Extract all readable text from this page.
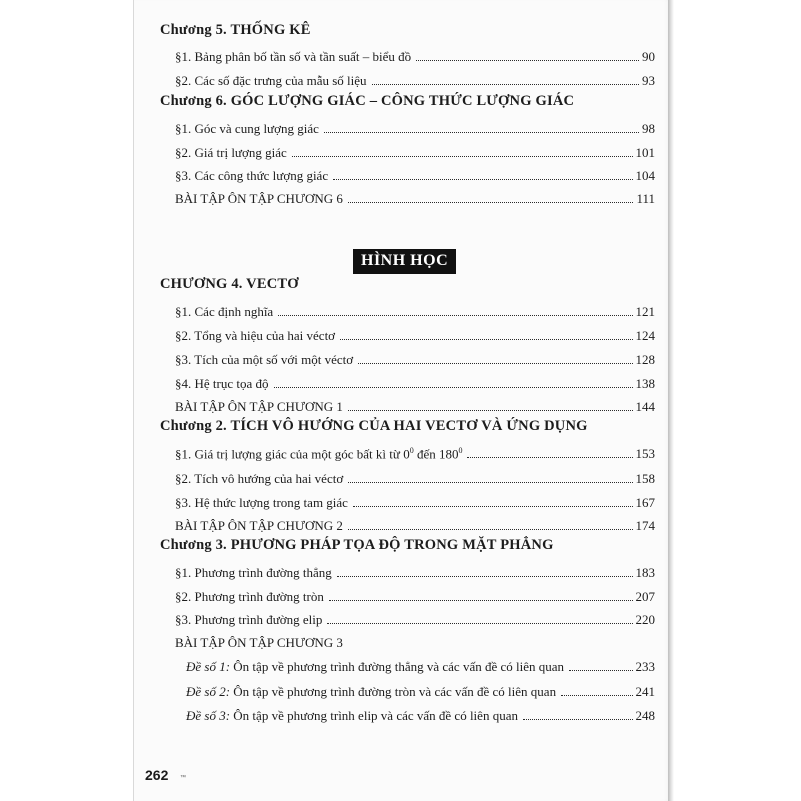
Chương 5. THỐNG KÊ
§1. Bảng phân bố tần số và tần suất – biểu đồ	90
§2. Các số đặc trưng của mẫu số liệu	93
Chương 6. GÓC LƯỢNG GIÁC – CÔNG THỨC LƯỢNG GIÁC
§1. Góc và cung lượng giác	98
§2. Giá trị lượng giác	101
§3. Các công thức lượng giác	104
BÀI TẬP ÔN TẬP CHƯƠNG 6	111
HÌNH HỌC
CHƯƠNG 4. VECTƠ
§1. Các định nghĩa	121
§2. Tổng và hiệu của hai véctơ	124
§3. Tích của một số với một véctơ	128
§4. Hệ trục tọa độ	138
BÀI TẬP ÔN TẬP CHƯƠNG 1	144
Chương 2. TÍCH VÔ HƯỚNG CỦA HAI VECTƠ VÀ ỨNG DỤNG
§1. Giá trị lượng giác của một góc bất kì từ $0^0$ đến $180^0$	153
§2. Tích vô hướng của hai véctơ	158
§3. Hệ thức lượng trong tam giác	167
BÀI TẬP ÔN TẬP CHƯƠNG 2	174
Chương 3. PHƯƠNG PHÁP TỌA ĐỘ TRONG MẶT PHẲNG
§1. Phương trình đường thẳng	183
§2. Phương trình đường tròn	207
§3. Phương trình đường elip	220
BÀI TẬP ÔN TẬP CHƯƠNG 3
Đề số 1: Ôn tập về phương trình đường thẳng và các vấn đề có liên quan	233
Đề số 2: Ôn tập về phương trình đường tròn và các vấn đề có liên quan	241
Đề số 3: Ôn tập về phương trình elip và các vấn đề có liên quan	248
262 ™
